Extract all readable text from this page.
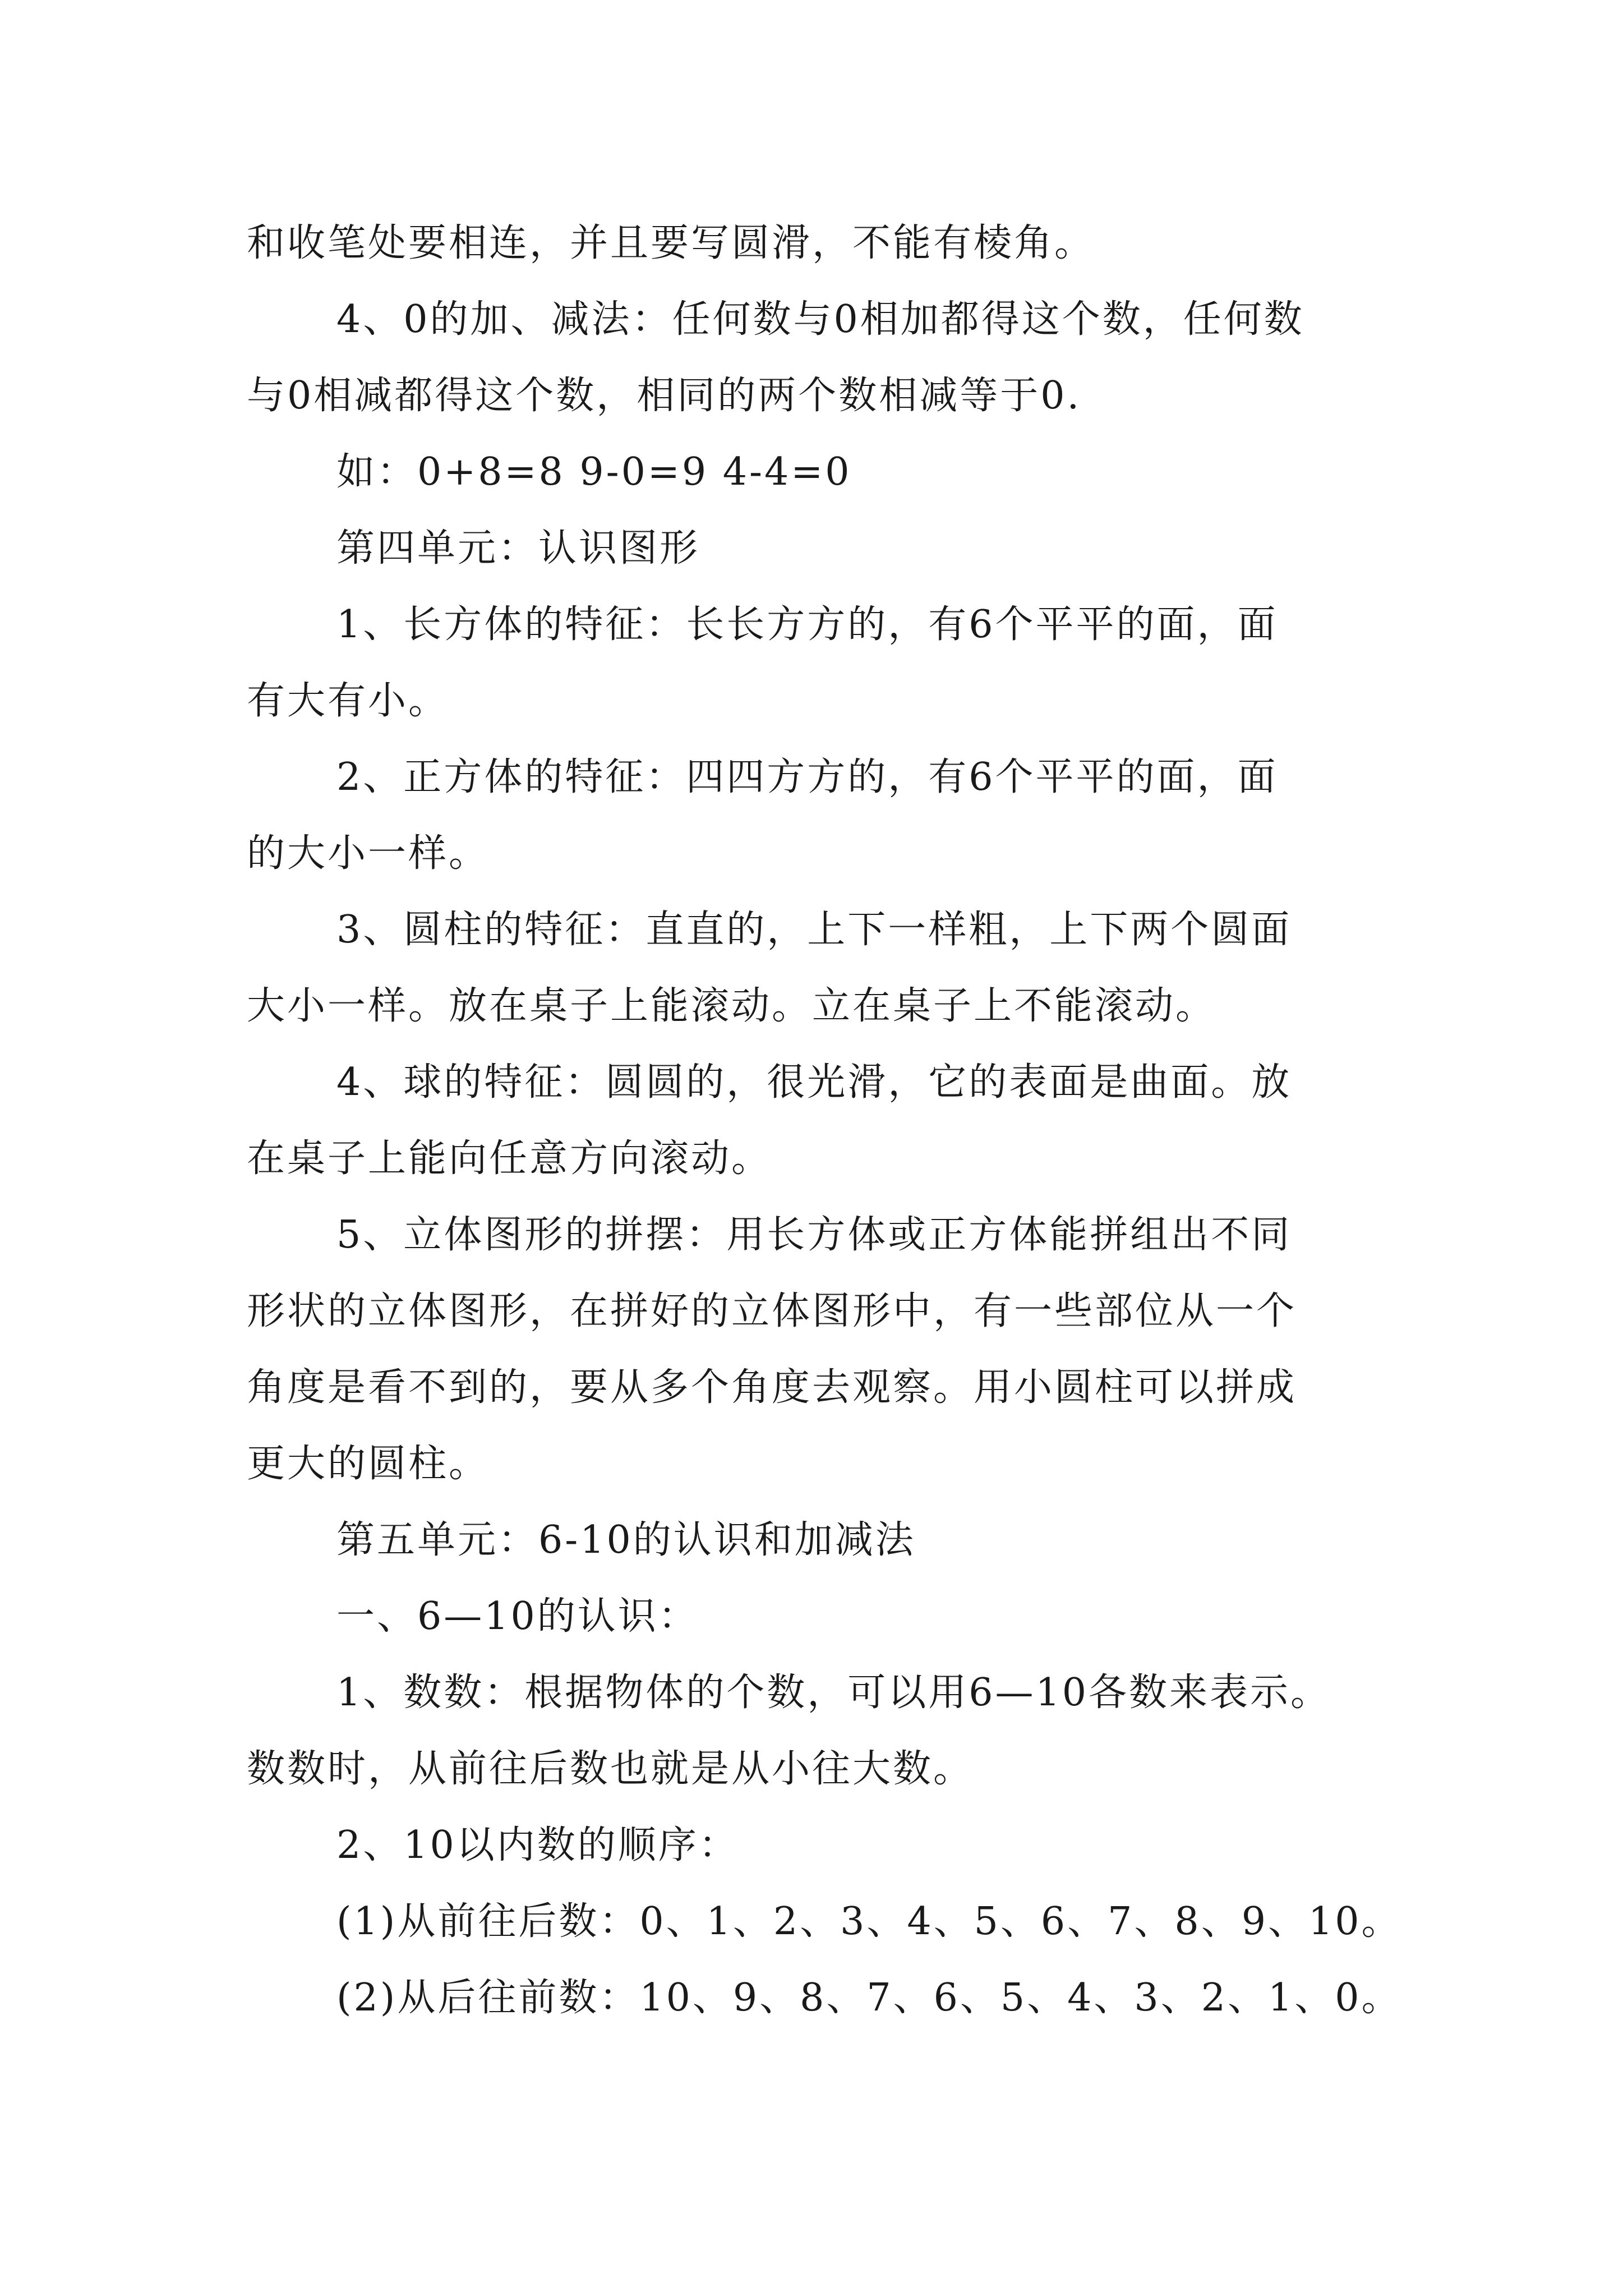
和收笔处要相连，并且要写圆滑，不能有棱角。

4、0的加、减法：任何数与0相加都得这个数，任何数
与0相减都得这个数，相同的两个数相减等于0.

如：0+8=8 9-0=9 4-4=0

第四单元：认识图形

1、长方体的特征：长长方方的，有6个平平的面，面
有大有小。

2、正方体的特征：四四方方的，有6个平平的面，面
的大小一样。

3、圆柱的特征：直直的，上下一样粗，上下两个圆面
大小一样。放在桌子上能滚动。立在桌子上不能滚动。

4、球的特征：圆圆的，很光滑，它的表面是曲面。放
在桌子上能向任意方向滚动。

5、立体图形的拼摆：用长方体或正方体能拼组出不同
形状的立体图形，在拼好的立体图形中，有一些部位从一个
角度是看不到的，要从多个角度去观察。用小圆柱可以拼成
更大的圆柱。

第五单元：6-10的认识和加减法

一、6—10的认识：

1、数数：根据物体的个数，可以用6—10各数来表示。
数数时，从前往后数也就是从小往大数。

2、10以内数的顺序：

(1)从前往后数：0、1、2、3、4、5、6、7、8、9、10。

(2)从后往前数：10、9、8、7、6、5、4、3、2、1、0。
